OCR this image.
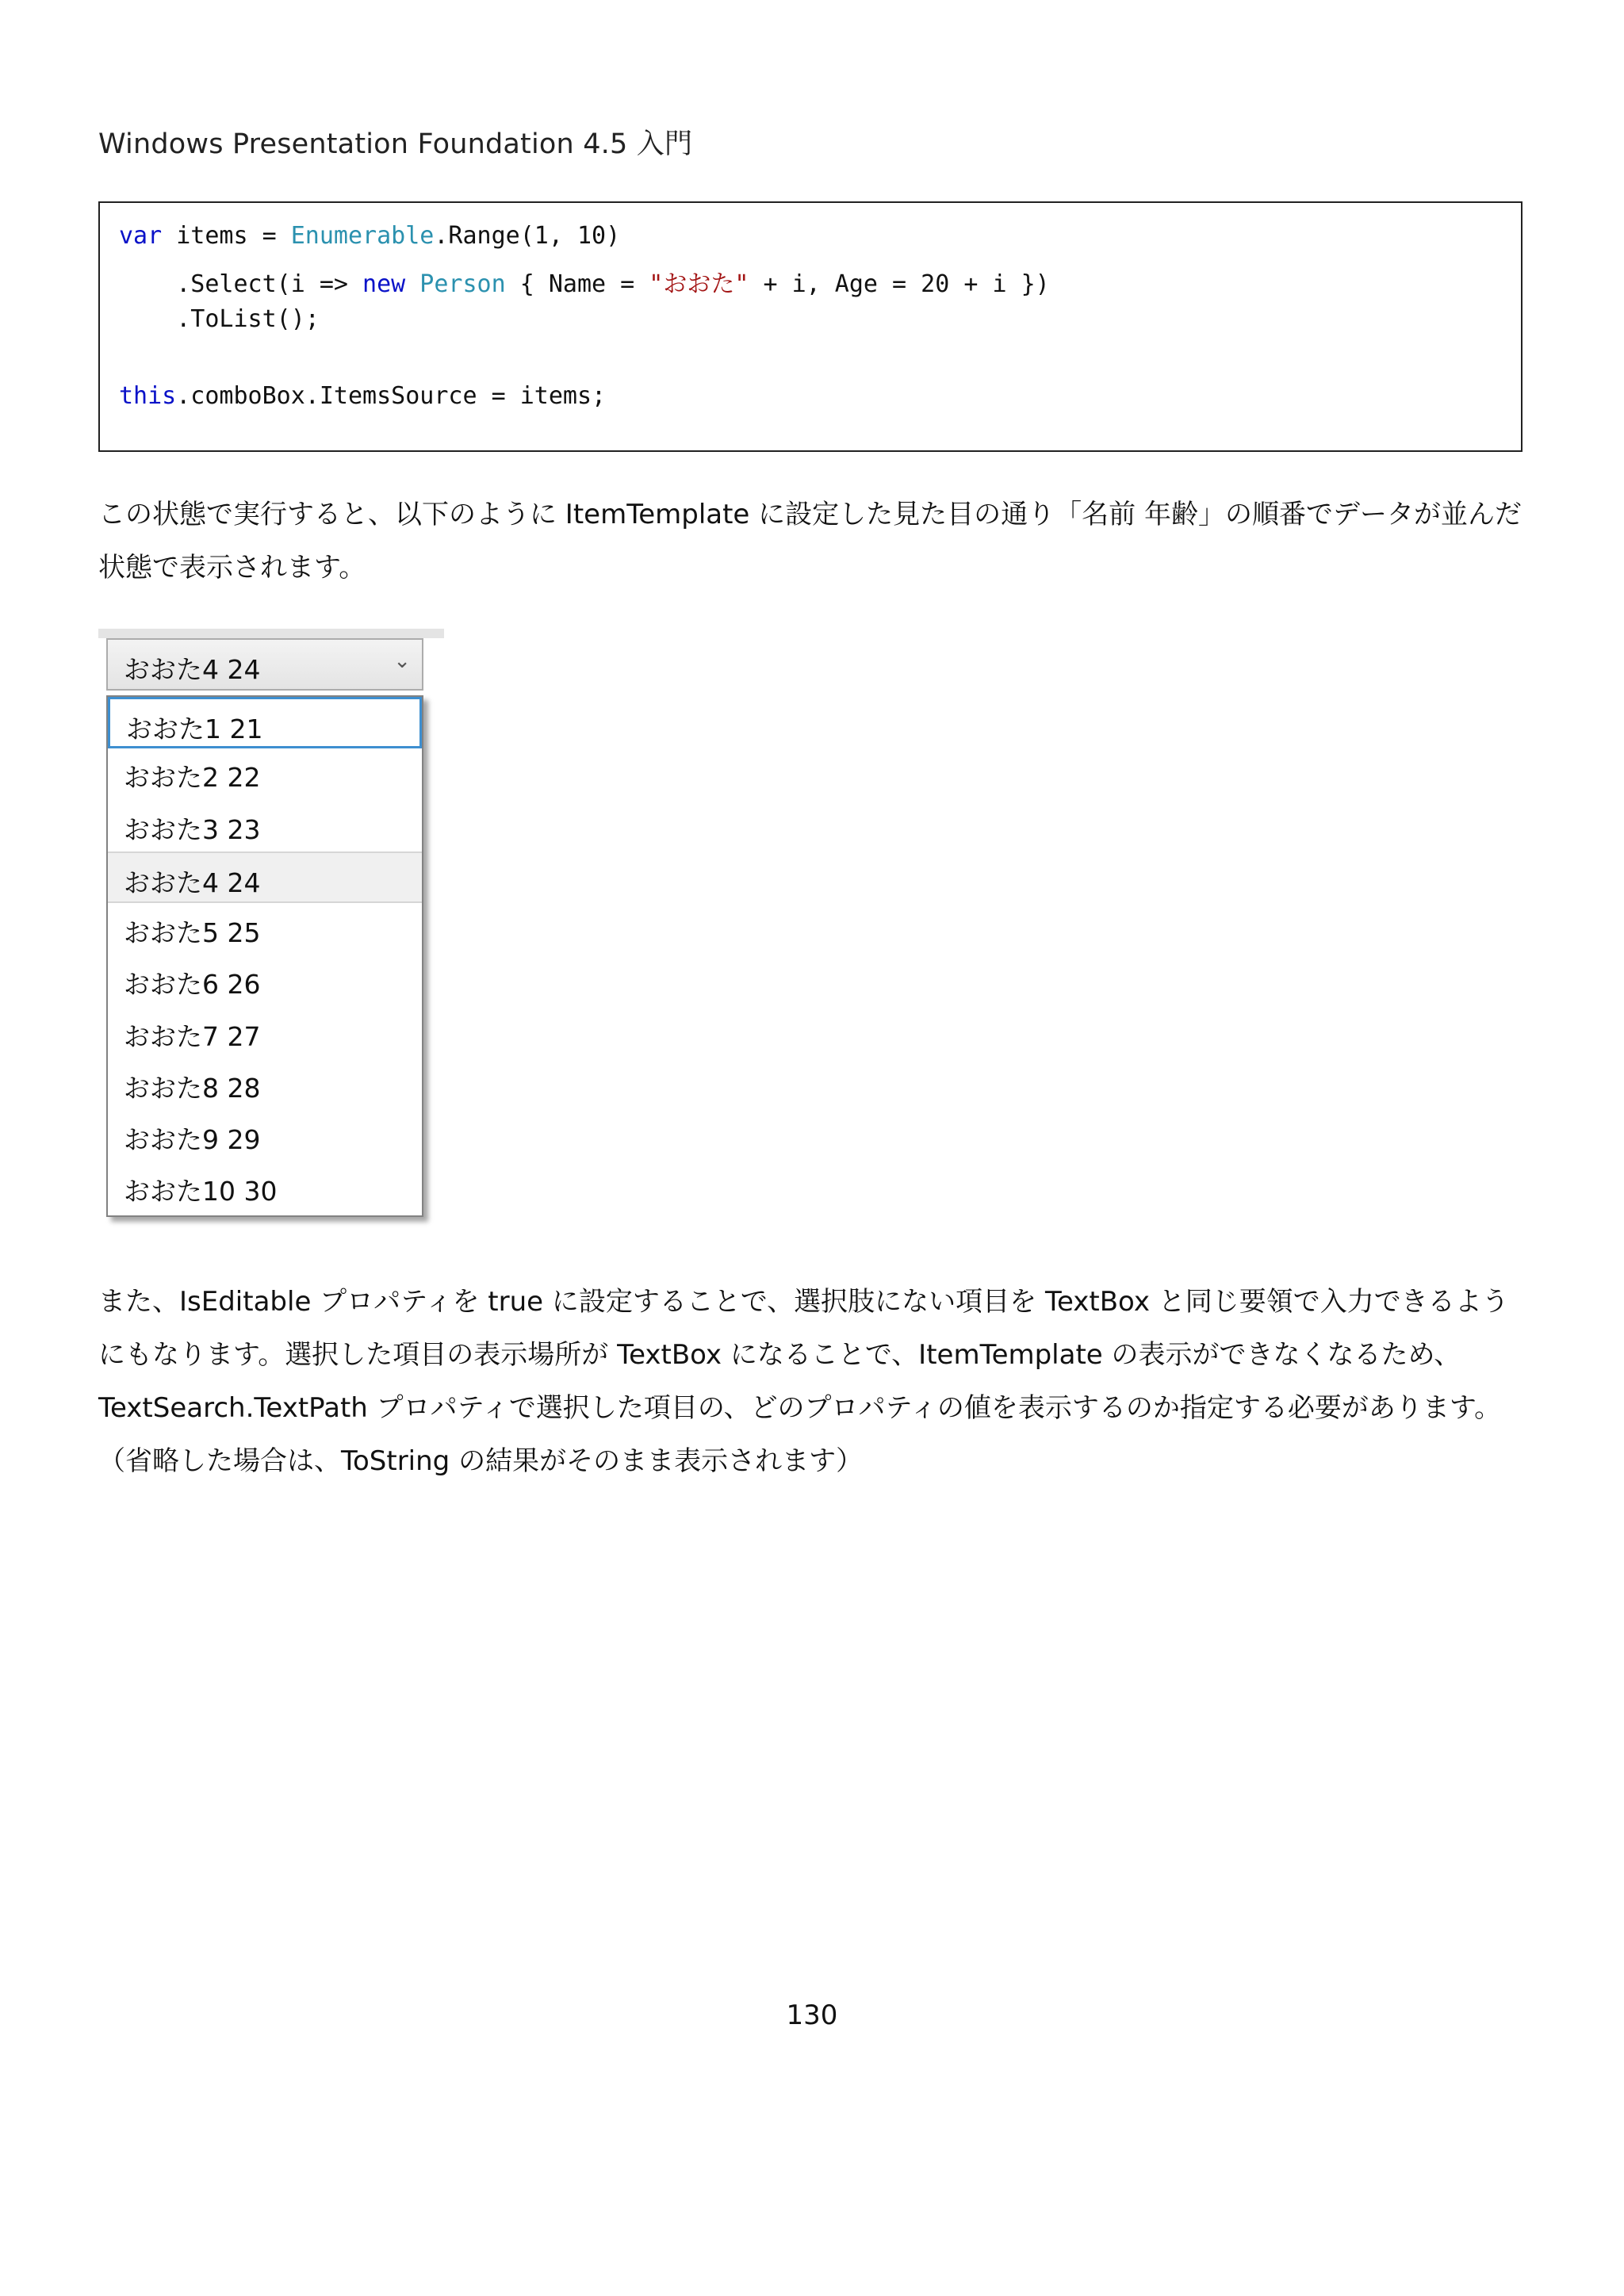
Windows Presentation Foundation 4.5 入門
var items = Enumerable.Range(1, 10)
.Select(i => new Person { Name = "おおた" + i, Age = 20 + i })
.ToList();
this.comboBox.ItemsSource = items;
この状態で実行すると、以下のように ItemTemplate に設定した見た目の通り「名前 年齢」の順番でデータが並んだ状態で表示されます。
おおた4 24	⌄
おおた1 21
おおた2 22
おおた3 23
おおた4 24
おおた5 25
おおた6 26
おおた7 27
おおた8 28
おおた9 29
おおた10 30
また、IsEditable プロパティを true に設定することで、選択肢にない項目を TextBox と同じ要領で入力できるようにもなります。選択した項目の表示場所が TextBox になることで、ItemTemplate の表示ができなくなるため、TextSearch.TextPath プロパティで選択した項目の、どのプロパティの値を表示するのか指定する必要があります。（省略した場合は、ToString の結果がそのまま表示されます）
130
